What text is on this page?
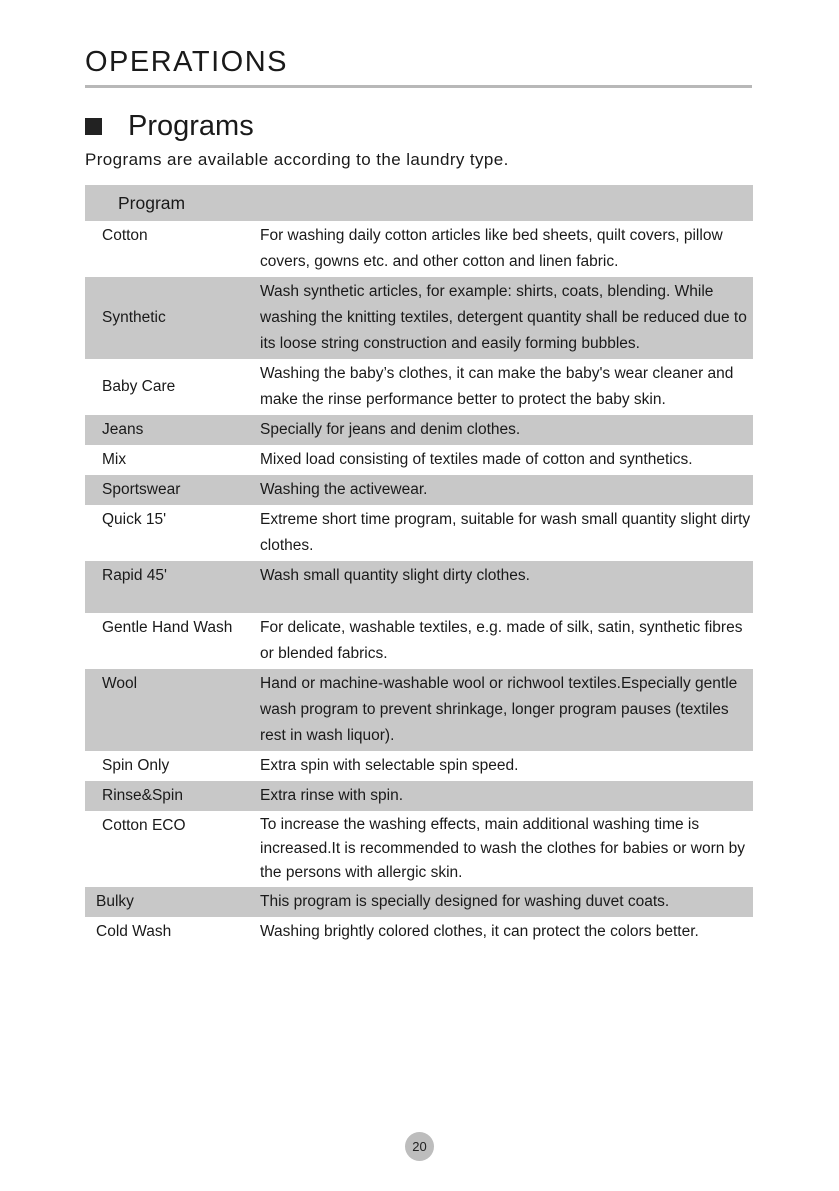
OPERATIONS
Programs

Programs are available according to the laundry type.

Program	
Cotton	For washing daily cotton articles like bed sheets, quilt covers, pillow covers, gowns etc. and other cotton and linen fabric.
Synthetic	Wash synthetic articles, for example: shirts, coats, blending. While washing the knitting textiles, detergent quantity shall be reduced due to its loose string construction and easily forming bubbles.
Baby Care	Washing the baby’s clothes, it can make the baby's wear cleaner and make the rinse performance better to protect the baby skin.
Jeans	Specially for jeans and denim clothes.
Mix	Mixed load consisting of textiles made of cotton and synthetics.
Sportswear	Washing the activewear.
Quick 15'	Extreme short time program, suitable for wash small quantity slight dirty clothes.
Rapid 45'	Wash small quantity slight dirty clothes.
Gentle Hand Wash	For delicate, washable textiles, e.g. made of silk, satin, synthetic fibres or blended fabrics.
Wool	Hand or machine-washable wool or richwool textiles.Especially gentle wash program to prevent shrinkage, longer program pauses (textiles rest in wash liquor).
Spin Only	Extra spin with selectable spin speed.
Rinse&Spin	Extra rinse with spin.
Cotton ECO	To increase the washing effects, main additional washing time is increased.It is recommended to wash the clothes for babies or worn by the persons with allergic skin.
Bulky	This program is specially designed for washing duvet coats.
Cold Wash	Washing brightly colored clothes, it can protect the colors better.
20
